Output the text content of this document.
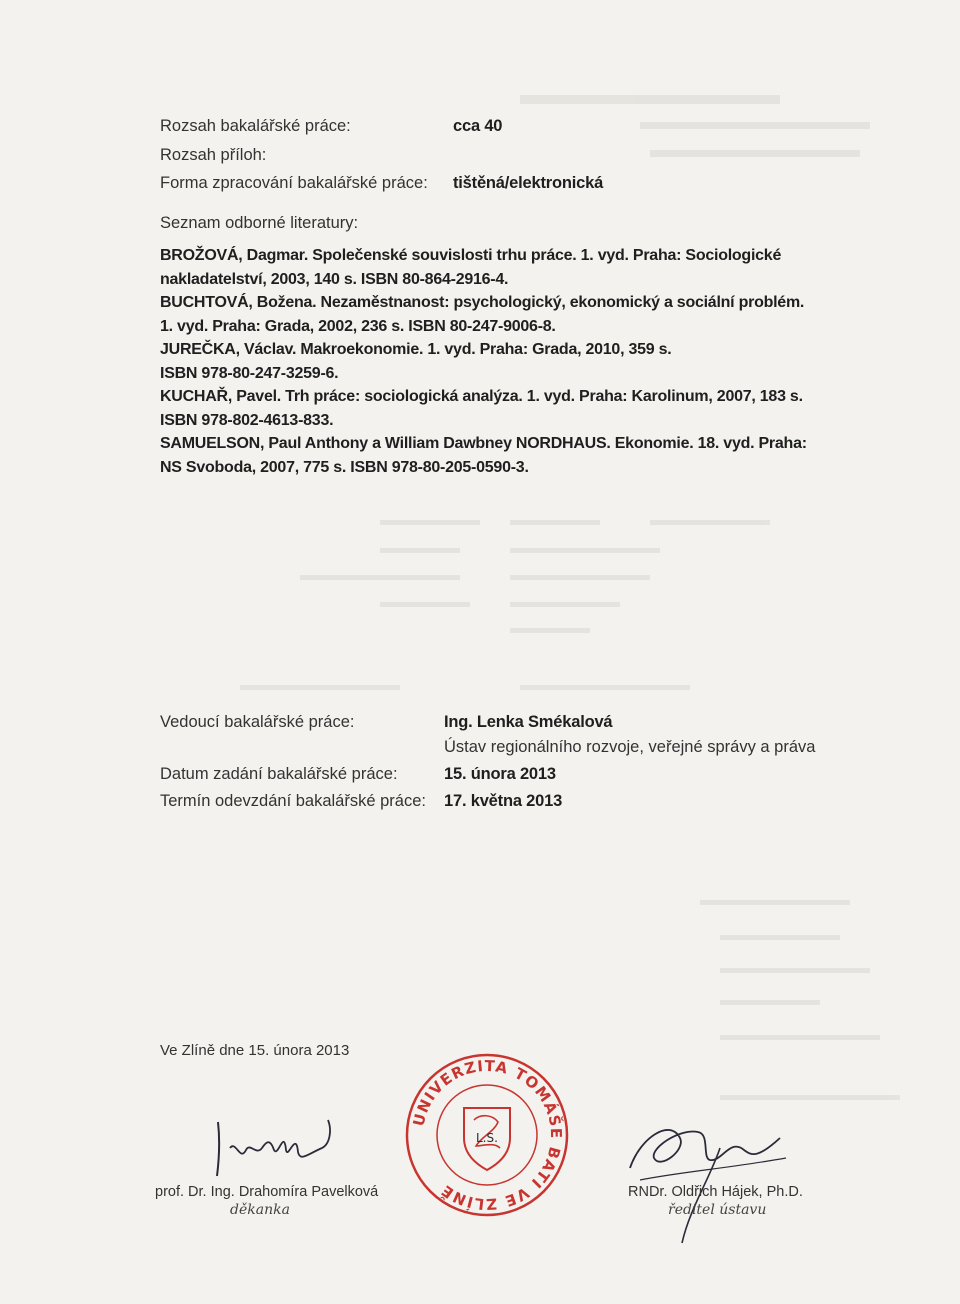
Rozsah bakalářské práce:	cca 40
Rozsah příloh:
Forma zpracování bakalářské práce: tištěná/elektronická
Seznam odborné literatury:
BROŽOVÁ, Dagmar. Společenské souvislosti trhu práce. 1. vyd. Praha: Sociologické
nakladatelství, 2003, 140 s. ISBN 80-864-2916-4.
BUCHTOVÁ, Božena. Nezaměstnanost: psychologický, ekonomický a sociální problém.
1. vyd. Praha: Grada, 2002, 236 s. ISBN 80-247-9006-8.
JUREČKA, Václav. Makroekonomie. 1. vyd. Praha: Grada, 2010, 359 s.
ISBN 978-80-247-3259-6.
KUCHAŘ, Pavel. Trh práce: sociologická analýza. 1. vyd. Praha: Karolinum, 2007, 183 s.
ISBN 978-802-4613-833.
SAMUELSON, Paul Anthony a William Dawbney NORDHAUS. Ekonomie. 18. vyd. Praha:
NS Svoboda, 2007, 775 s. ISBN 978-80-205-0590-3.
Vedoucí bakalářské práce:	Ing. Lenka Smékalová
Ústav regionálního rozvoje, veřejné správy a práva
Datum zadání bakalářské práce:	15. února 2013
Termín odevzdání bakalářské práce: 17. května 2013
Ve Zlíně dne 15. února 2013
prof. Dr. Ing. Drahomíra Pavelková
děkanka
UNIVERZITA TOMÁŠE BATI VE ZLÍNĚ
L.S.
RNDr. Oldřich Hájek, Ph.D.
ředitel ústavu
